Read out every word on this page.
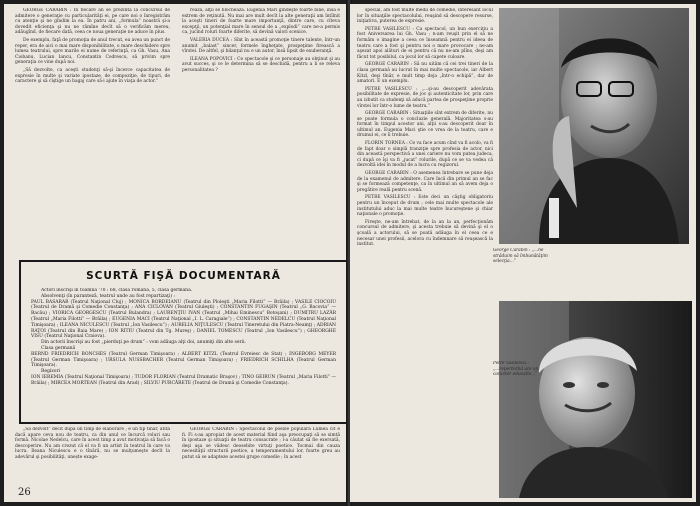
GEORGE CARABIN : In fiecare an se prezintă la concursul de admitere o generaţie cu particularităţi ei, pe care noi o înregistrăm cu atenţie şi ne gîndim la ea. În patru ani, „formula” noastră şi-a dovedit eficienţa şi nu ne rămîne decît să o verificăm mereu, adăugînd, de fiecare dată, ceea ce noua generaţie ne aduce în plus.

De exemplu, faţă de promoţia de anul trecut, ea avea un punct de reper, era de aici o mai mare disponibilitate, o mare deschidere spre lumea teatrului, spre marile ei nume de referinţă, ca Gh. Vasu, Ana Ciobanu, Lucian Iancu, Constantin Codrescu, să privim spre generaţia ce vine după noi.

„Să dezvolte, ca aceşti studenţi să-şi încerce capacitatea de expresie în multe şi variate ipostaze, de compoziţie, de tipuri, de caractere şi să cîştige un bagaj care să-i ajute în viaţa de actor.”

rează, alţii se blochează. Eugenia Mari gîndeşte foarte bine, însă e extrem de reţinută. Nu mai are mult decît la alte generaţii am întîlnit la aceşti tineri de foarte mare importanţă, dintre care, cu cîteva excepţii, un potenţial mare în sensul de a „explodi” care ne-a permis ca, jucînd roluri foarte diferite, să devină valori scenice.

VALERIA DUCEA : Sînt în această promoţie tinere talente, într-un anumit „balast” sincer, formele îngheţate, prospeţime firească a vîrstei. De altfel, şi bilanţul nu e un autor, însă lipsit de exuberanţă.

ILEANA POPOVICI : Ce spectacole şi ce personaje au obţinut şi au avut succes, şi ce le determina să se deschidă, pentru a li se releva personalitatea ?

SCURTĂ FIŞĂ DOCUMENTARĂ

Actori înscrişi în toamna '70 : 68, clasa română, 5, clasa germană.

Absolvenţi (în paranteză, teatrul unde au fost repartizaţi) :

PAUL BASARAB (Teatrul Naţional Cluj) ; MONICA BORDEIANU (Teatrul din Ploieşti „Maria Filotti” — Brăila) ; VASILE CIOCOIU (Teatrul de Dramă şi Comedie Constanţa) ; ANA CICLOVAN (Teatrul Giuleşti) ; CONSTANTIN FUGAŞIN (Teatrul „G. Bacovia” — Bacău) ; VIORICA GEORGESCU (Teatrul Bulandra) ; LAURENŢIU IVAN (Teatrul „Mihai Eminescu” Botoşani) ; DUMITRU LAZĂR (Teatrul „Maria Filotti” — Brăila) ; EUGENIA MACI (Teatrul Naţional „I. L. Caragiale”) ; CONSTANTIN NEDELCU (Teatrul Naţional Timişoara) ; ILEANA NICULESCU (Teatrul „Ion Vasilescu”) ; AURELIA NIŢULESCU (Teatrul Tineretului din Piatra-Neamţ) ; ADRIAN RAŢOI (Teatrul din Baia Mare) ; ION RITIU (Teatrul din Tg. Mureş) ; DANIEL TOMESCU (Teatrul „Ion Vasilescu”) ; GHEORGHE VISU (Teatrul Naţional Craiova).

Din actorii înscrişi au fost „pierduţi pe drum” : vom adăuga alţi doi, anumiţi din alte serii.

Clasa germană

BERND FRIEDRICH BONCHES (Teatrul German Timişoara) ; ALBERT KITZL (Teatrul Evreiesc de Stat) ; INGEBORG MEYER (Teatrul German Timişoara) ; URSULA NUSSBACHER (Teatrul German Timişoara) ; FRIEDRICH SCHILHA (Teatrul German Timişoara).

Regizori

ION IEREMIA (Teatrul Naţional Timişoara) ; TUDOR FLORIAN (Teatrul Dramatic Braşov) ; TINO GEIRUN (Teatrul „Maria Filotti” — Brăila) ; MIRCEA MORTEAN (Teatrul din Arad) ; SILVIU PURCĂRETE (Teatrul de Dramă şi Comedie Constanţa).

„Să dezvolt” decît după un timp de elaborare ; e un tip tînăr, atîta dacă apare ceva nou de teatru, ca din anul ce încurcă roluri sau formă. Nicolae Nedelcu, care în acest timp a avut motivaţia să facă o descoperire. Nu am crezut că el va fi un artist în teatrul în care va lucra. Ileana Niculescu e o tînără, nu se mulţumeşte decît la adevărul şi posibilităţi, unește exage-

GEORGE CARABIN : Spectacolul de poezie populară Lumea cît e fi. Fi s-au apropiat de acest material fiind aşa preocupaţi să se simtă în ipostaze şi situaţii de teatru consacrate ; l-a căutat să fie exersată, deşi aşa se vădesc deosebite virtuţi poetice. Tocmai din cauza necesităţii structurii poetice, a temperamentului lor, foarte greu au putut să se adapteze acestei grupe comedie ; în acest

26

special, am fost multe medii de comedie, interesant locul lor în situaţiile spectacolului, reuşind să descopere resurse, iniţiativa, puterea de expresie.

PETRE VASILESCU : Ca spectacol, un bun exerciţiu a fost Aniversarea lui Gh. Vasu ; n-am reuşit prin el să ne formăm o imagine a ceea ce înseamnă pentru ei ideea de teatru care a fost şi pentru noi o mare provocare ; ne-am aşezat apoi alături de ei pentru că nu ne-am plîns, deşi am făcut tot posibilul, ca jocul lor să capete culoare.

GEORGE CARABIN : Să nu uităm că cei trei tineri de la clasa germană au lucrat în mai multe spectacole, iar Albert Kitzl, deşi tînăr, e mult timp deja „într-o echipă”, dar de amatori. E un exemplu.

PETRE VASILESCU : „...şi-au descoperit adevărata posibilitate de expresie, de joc şi autenticitate lor, prin care au izbutit ca studenţi să aducă partea de prospeţime proprie vîrstei lor într-o lume de teatru.”

GEORGE CARABIN : Situaţiile sînt extrem de diferite, nu se poate formula o concluzie generală. Majoritatea s-au format în timpul acestor ani, alţii s-au descoperit doar în ultimul an. Eugenia Maci ştie ce vrea de la teatru, care e drumul ei, ce îi trebuie.

FLORIN TORNEA : Ce va face acum cînd va fi acolo, va fi de fapt doar o simplă tranziţie spre profesia de actor, nici din această perspectivă a unei cariere nu vom putea judeca, ci după ce îşi va fi „jucat” rolurile, după ce se va vedea că dezvoltă idei în modul de a lucra cu regizorul.

GEORGE CARABIN : O asemenea întrebare se pune deja de la examenul de admitere. Care încă din primul an se fac şi se formează competenţe, ca în ultimul an să avem deja o pregătire reală pentru scenă.

PETRE VASILESCU : Este deci un câştig obligatoriu pentru un început de drum ; cele mai multe spectacole ale institutului aduc la mai multe teatre bucureştene şi chiar naţionale o promoţie.

Fireşte, ne-am întrebat, de la an la an, perfecţionăm concursul de admitere, şi acesta trebuie să devină şi el o şcoală a actorului, să se poată adăuga în el ceea ce e necesar unei profesii, acelora cu îndemnare să reuşească la institut.

George Carabin : „...ne străduim să îmbunătăţim selecţia...”
Petre Vasilescu : „...repertoriul are un caracter educativ...”
